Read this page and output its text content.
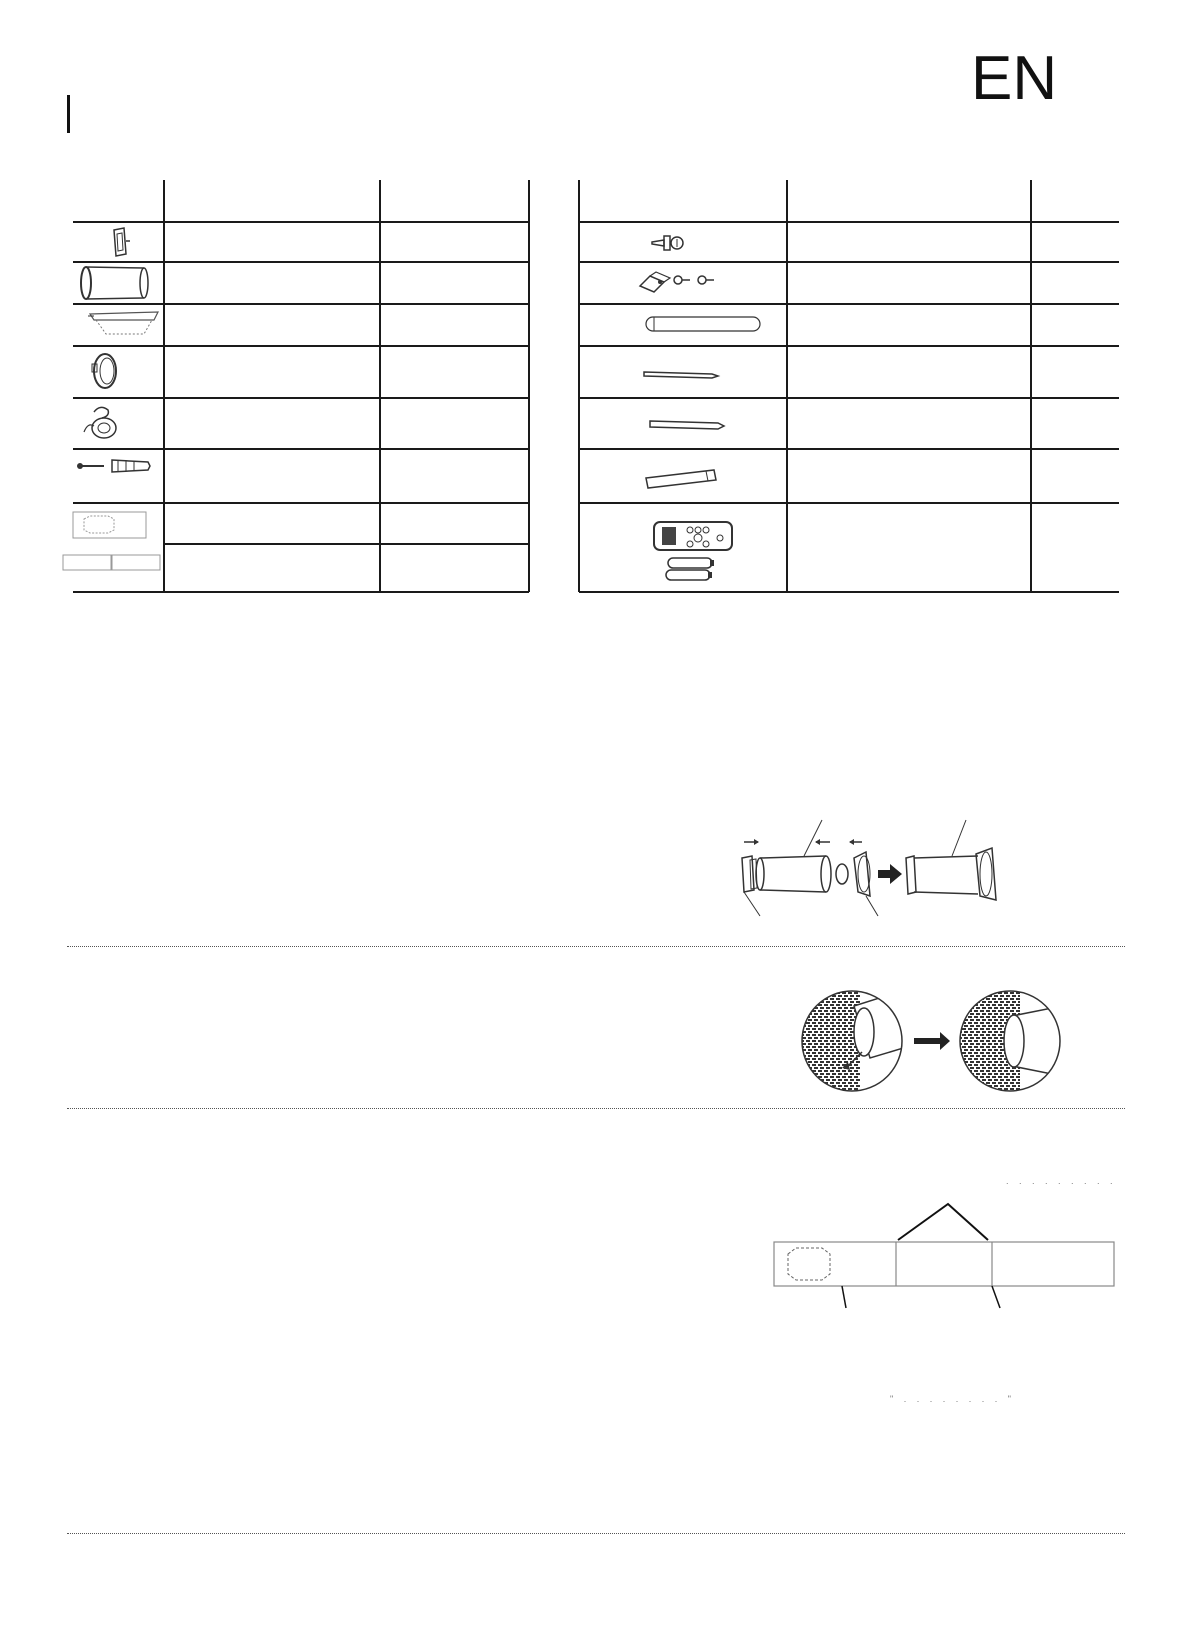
EN
. . . . . . . . .
" . . . . . . . . "
